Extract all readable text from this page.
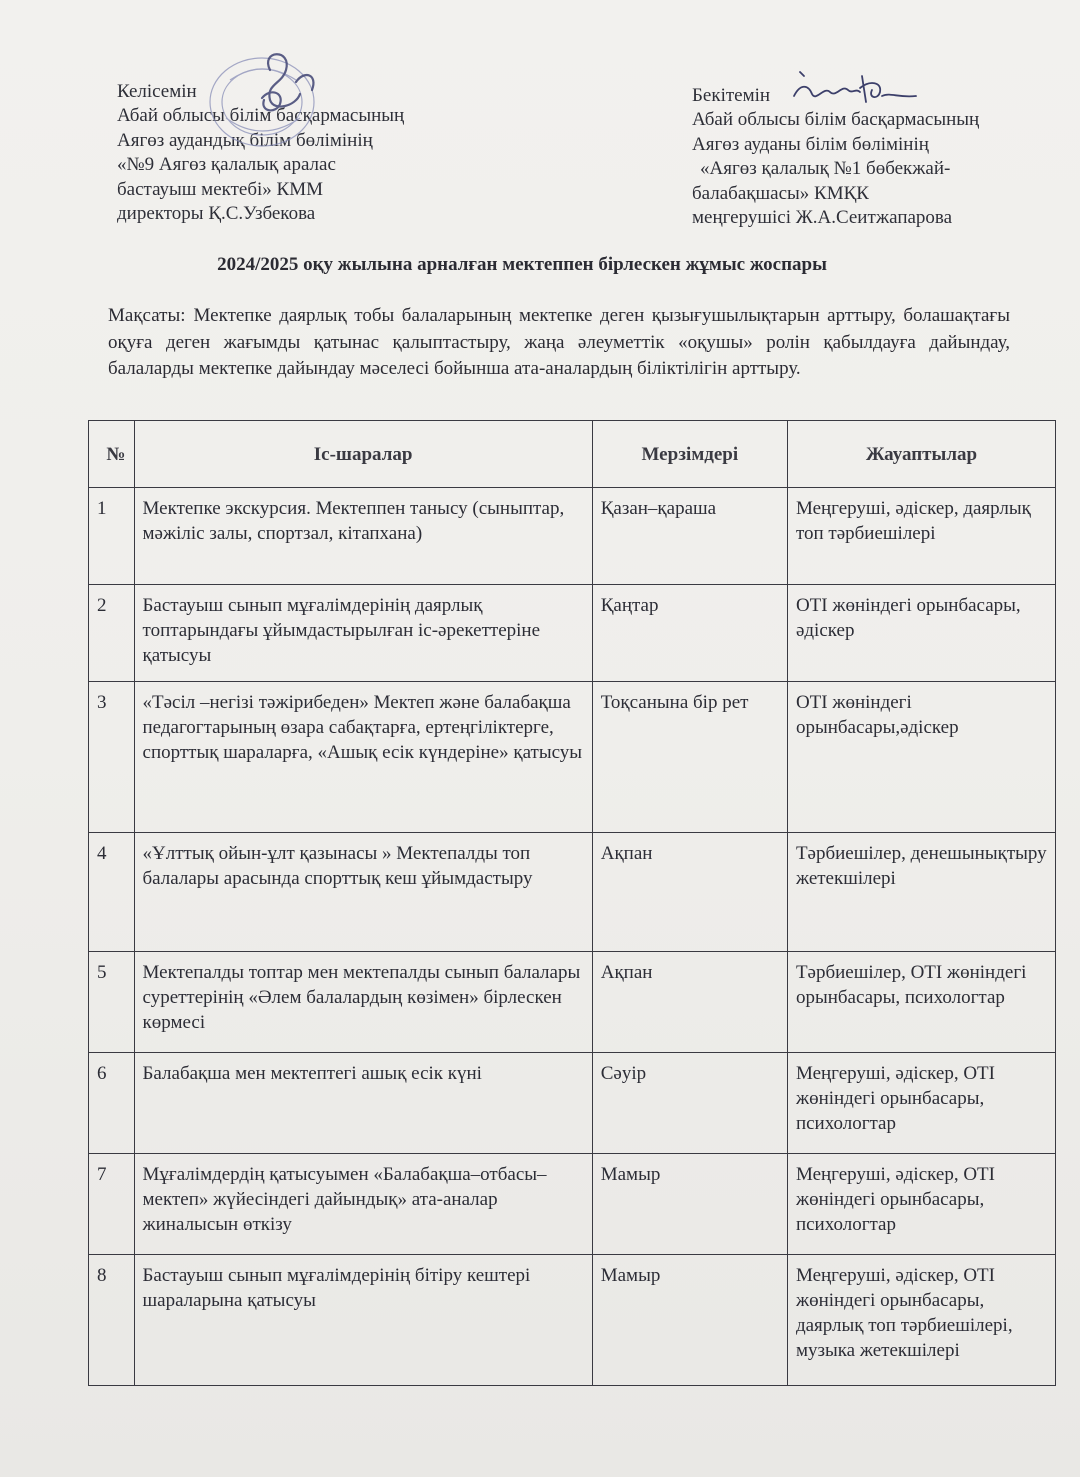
Келісемін
Абай облысы білім басқармасының
Аягөз аудандық білім бөлімінің
«№9 Аягөз қалалық аралас
бастауыш мектебі» КММ
директоры Қ.С.Узбекова
Бекітемін
Абай облысы білім басқармасының
Аягөз ауданы білім бөлімінің
«Аягөз қалалық №1 бөбекжай-
балабақшасы» КМҚК
меңгерушісі Ж.А.Сеитжапарова
2024/2025 оқу жылына арналған мектеппен бірлескен жұмыс жоспары
Мақсаты: Мектепке даярлық тобы балаларының мектепке деген қызығушылықтарын арттыру, болашақтағы оқуға деген жағымды қатынас қалыптастыру, жаңа әлеуметтік «оқушы» ролін қабылдауға дайындау, балаларды мектепке дайындау мәселесі бойынша ата-аналардың біліктілігін арттыру.
№	Іс-шаралар	Мерзімдері	Жауаптылар
1	Мектепке экскурсия. Мектеппен танысу (сыныптар, мәжіліс залы, спортзал, кітапхана)	Қазан–қараша	Меңгеруші, әдіскер, даярлық топ тәрбиешілері
2	Бастауыш сынып мұғалімдерінің даярлық топтарындағы ұйымдастырылған іс-әрекеттеріне қатысуы	Қаңтар	ОТІ жөніндегі орынбасары, әдіскер
3	«Тәсіл –негізі тәжірибеден» Мектеп және балабақша педагогтарының өзара сабақтарға, ертеңгіліктерге, спорттық шараларға, «Ашық есік күндеріне» қатысуы	Тоқсанына бір рет	ОТІ жөніндегі орынбасары,әдіскер
4	«Ұлттық ойын-ұлт қазынасы » Мектепалды топ балалары арасында спорттық кеш ұйымдастыру	Ақпан	Тәрбиешілер, денешынықтыру жетекшілері
5	Мектепалды топтар мен мектепалды сынып балалары суреттерінің «Әлем балалардың көзімен» бірлескен көрмесі	Ақпан	Тәрбиешілер, ОТІ жөніндегі орынбасары, психологтар
6	Балабақша мен мектептегі ашық есік күні	Сәуір	Меңгеруші, әдіскер, ОТІ жөніндегі орынбасары, психологтар
7	Мұғалімдердің қатысуымен «Балабақша–отбасы–мектеп» жүйесіндегі дайындық» ата-аналар жиналысын өткізу	Мамыр	Меңгеруші, әдіскер, ОТІ жөніндегі орынбасары, психологтар
8	Бастауыш сынып мұғалімдерінің бітіру кештері шараларына қатысуы	Мамыр	Меңгеруші, әдіскер, ОТІ жөніндегі орынбасары, даярлық топ тәрбиешілері, музыка жетекшілері
